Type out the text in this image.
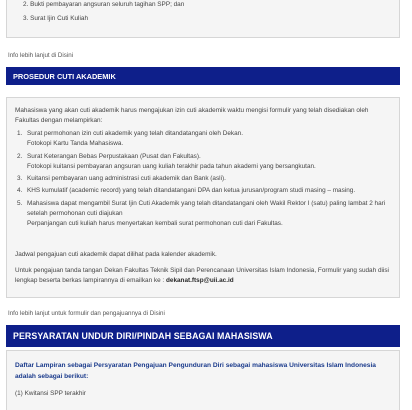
2. Bukti pembayaran angsuran seluruh tagihan SPP; dan
3. Surat Ijin Cuti Kuliah
Info lebih lanjut di Disini
PROSEDUR CUTI AKADEMIK

Mahasiswa yang akan cuti akademik harus mengajukan izin cuti akademik waktu mengisi formulir yang telah disediakan oleh Fakultas dengan melampirkan:

1. Surat permohonan izin cuti akademik yang telah ditandatangani oleh Dekan.
Fotokopi Kartu Tanda Mahasiswa.
2. Surat Keterangan Bebas Perpustakaan (Pusat dan Fakultas).
Fotokopi kuitansi pembayaran angsuran uang kuliah terakhir pada tahun akademi yang bersangkutan.
3. Kuitansi pembayaran uang administrasi cuti akademik dan Bank (asli).
4. KHS kumulatif (academic record) yang telah ditandatangani DPA dan ketua jurusan/program studi masing – masing.
5. Mahasiswa dapat mengambil Surat Ijin Cuti Akademik yang telah ditandatangani oleh Wakil Rektor I (satu) paling lambat 2 hari setelah permohonan cuti diajukan
Perpanjangan cuti kuliah harus menyertakan kembali surat permohonan cuti dari Fakultas.

Jadwal pengajuan cuti akademik dapat dilihat pada kalender akademik.

Untuk pengajuan tanda tangan Dekan Fakultas Teknik Sipil dan Perencanaan Universitas Islam Indonesia, Formulir yang sudah diisi lengkap beserta berkas lampirannya di emailkan ke : dekanat.ftsp@uii.ac.id

Info lebih lanjut untuk formulir dan pengajuannya di Disini
PERSYARATAN UNDUR DIRI/PINDAH SEBAGAI MAHASISWA
Daftar Lampiran sebagai Persyaratan Pengajuan Pengunduran Diri sebagai mahasiswa Universitas Islam Indonesia adalah sebagai berikut:
(1) Kwitansi SPP terakhir
